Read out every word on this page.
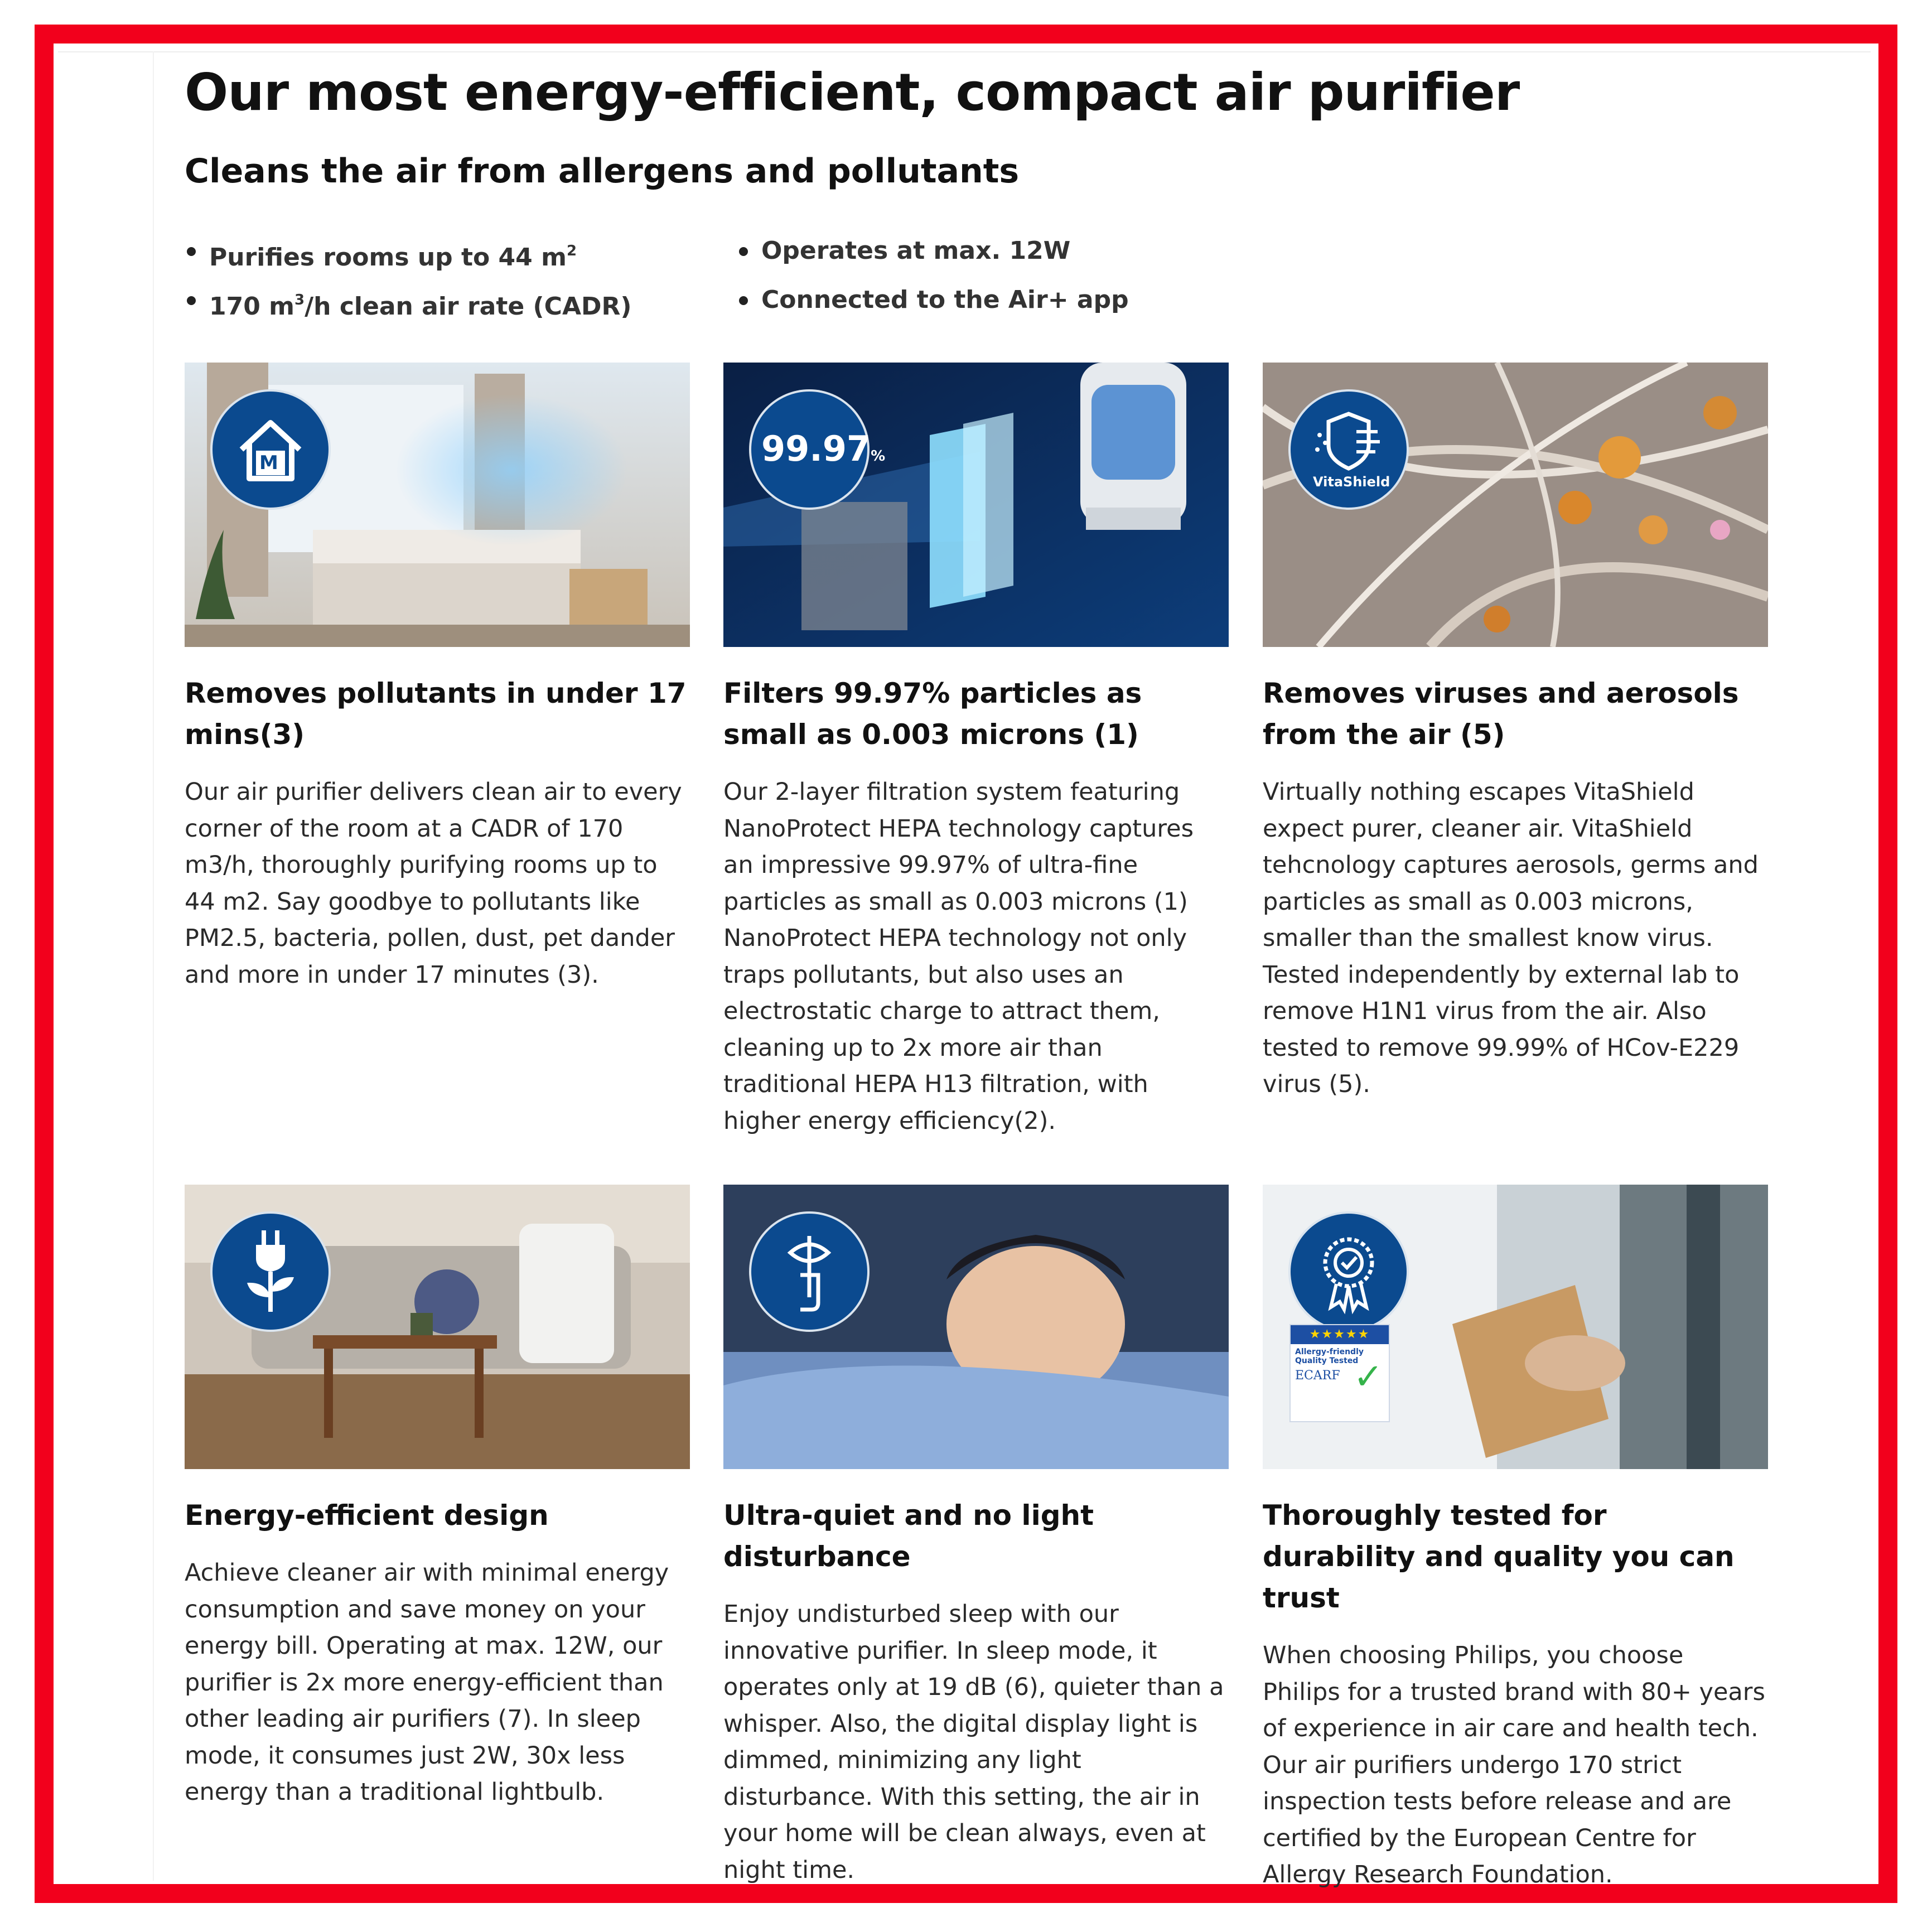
Our most energy-efficient, compact air purifier
Cleans the air from allergens and pollutants
Purifies rooms up to 44 $m^2$
170 $m^3/h$ clean air rate (CADR)
Operates at max. 12W
Connected to the Air+ app
M
Removes pollutants in under 17 mins(3)

Our air purifier delivers clean air to every corner of the room at a CADR of 170 m3/h, thoroughly purifying rooms up to 44 m2. Say goodbye to pollutants like PM2.5, bacteria, pollen, dust, pet dander and more in under 17 minutes (3).

99.97%
Filters 99.97% particles as small as 0.003 microns (1)

Our 2-layer filtration system featuring NanoProtect HEPA technology captures an impressive 99.97% of ultra-fine particles as small as 0.003 microns (1) NanoProtect HEPA technology not only traps pollutants, but also uses an electrostatic charge to attract them, cleaning up to 2x more air than traditional HEPA H13 filtration, with higher energy efficiency(2).

VitaShield
Removes viruses and aerosols from the air (5)

Virtually nothing escapes VitaShield expect purer, cleaner air. VitaShield tehcnology captures aerosols, germs and particles as small as 0.003 microns, smaller than the smallest know virus. Tested independently by external lab to remove H1N1 virus from the air. Also tested to remove 99.99% of HCov-E229 virus (5).

Energy-efficient design

Achieve cleaner air with minimal energy consumption and save money on your energy bill. Operating at max. 12W, our purifier is 2x more energy-efficient than other leading air purifiers (7). In sleep mode, it consumes just 2W, 30x less energy than a traditional lightbulb.

Ultra-quiet and no light disturbance

Enjoy undisturbed sleep with our innovative purifier. In sleep mode, it operates only at 19 dB (6), quieter than a whisper. Also, the digital display light is dimmed, minimizing any light disturbance. With this setting, the air in your home will be clean always, even at night time.

★★★★★
Allergy-friendly Quality Tested
ECARF ✓
Thoroughly tested for durability and quality you can trust

When choosing Philips, you choose Philips for a trusted brand with 80+ years of experience in air care and health tech. Our air purifiers undergo 170 strict inspection tests before release and are certified by the European Centre for Allergy Research Foundation.
